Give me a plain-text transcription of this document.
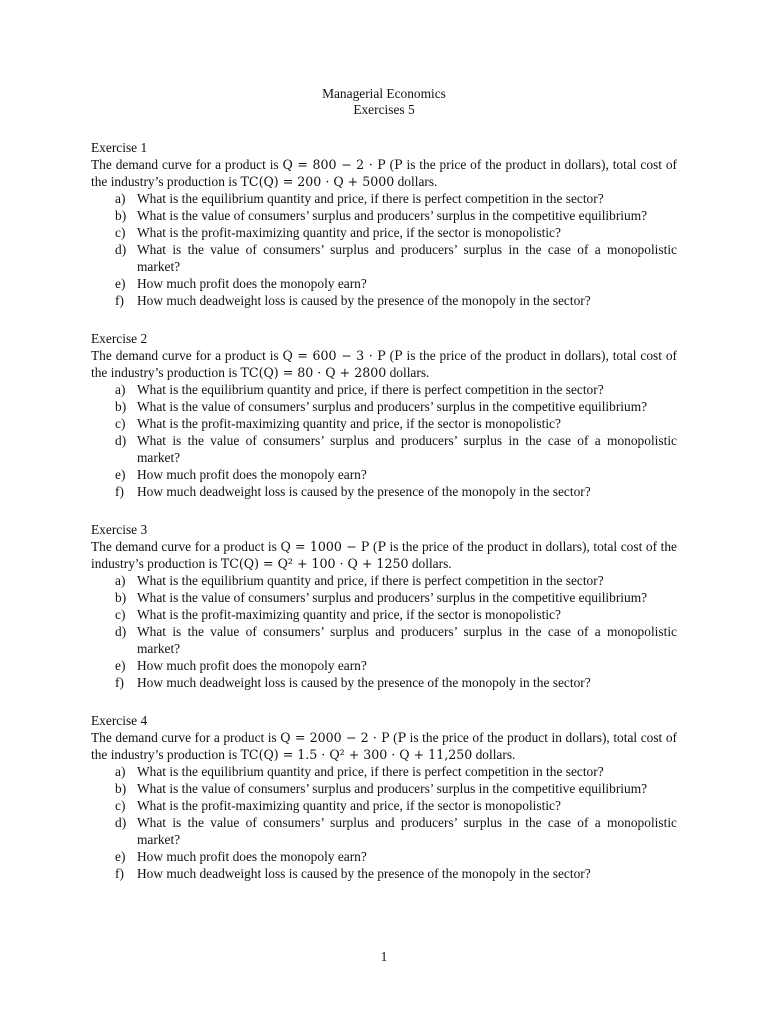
Managerial Economics
Exercises 5
Exercise 1
The demand curve for a product is Q = 800 − 2 · P (P is the price of the product in dollars), total cost of the industry’s production is TC(Q) = 200 · Q + 5000 dollars.
a) What is the equilibrium quantity and price, if there is perfect competition in the sector?
b) What is the value of consumers’ surplus and producers’ surplus in the competitive equilibrium?
c) What is the profit-maximizing quantity and price, if the sector is monopolistic?
d) What is the value of consumers’ surplus and producers’ surplus in the case of a monopolistic market?
e) How much profit does the monopoly earn?
f) How much deadweight loss is caused by the presence of the monopoly in the sector?
Exercise 2
The demand curve for a product is Q = 600 − 3 · P (P is the price of the product in dollars), total cost of the industry’s production is TC(Q) = 80 · Q + 2800 dollars.
a) What is the equilibrium quantity and price, if there is perfect competition in the sector?
b) What is the value of consumers’ surplus and producers’ surplus in the competitive equilibrium?
c) What is the profit-maximizing quantity and price, if the sector is monopolistic?
d) What is the value of consumers’ surplus and producers’ surplus in the case of a monopolistic market?
e) How much profit does the monopoly earn?
f) How much deadweight loss is caused by the presence of the monopoly in the sector?
Exercise 3
The demand curve for a product is Q = 1000 − P (P is the price of the product in dollars), total cost of the industry’s production is TC(Q) = Q² + 100 · Q + 1250 dollars.
a) What is the equilibrium quantity and price, if there is perfect competition in the sector?
b) What is the value of consumers’ surplus and producers’ surplus in the competitive equilibrium?
c) What is the profit-maximizing quantity and price, if the sector is monopolistic?
d) What is the value of consumers’ surplus and producers’ surplus in the case of a monopolistic market?
e) How much profit does the monopoly earn?
f) How much deadweight loss is caused by the presence of the monopoly in the sector?
Exercise 4
The demand curve for a product is Q = 2000 − 2 · P (P is the price of the product in dollars), total cost of the industry’s production is TC(Q) = 1.5 · Q² + 300 · Q + 11,250 dollars.
a) What is the equilibrium quantity and price, if there is perfect competition in the sector?
b) What is the value of consumers’ surplus and producers’ surplus in the competitive equilibrium?
c) What is the profit-maximizing quantity and price, if the sector is monopolistic?
d) What is the value of consumers’ surplus and producers’ surplus in the case of a monopolistic market?
e) How much profit does the monopoly earn?
f) How much deadweight loss is caused by the presence of the monopoly in the sector?
1
